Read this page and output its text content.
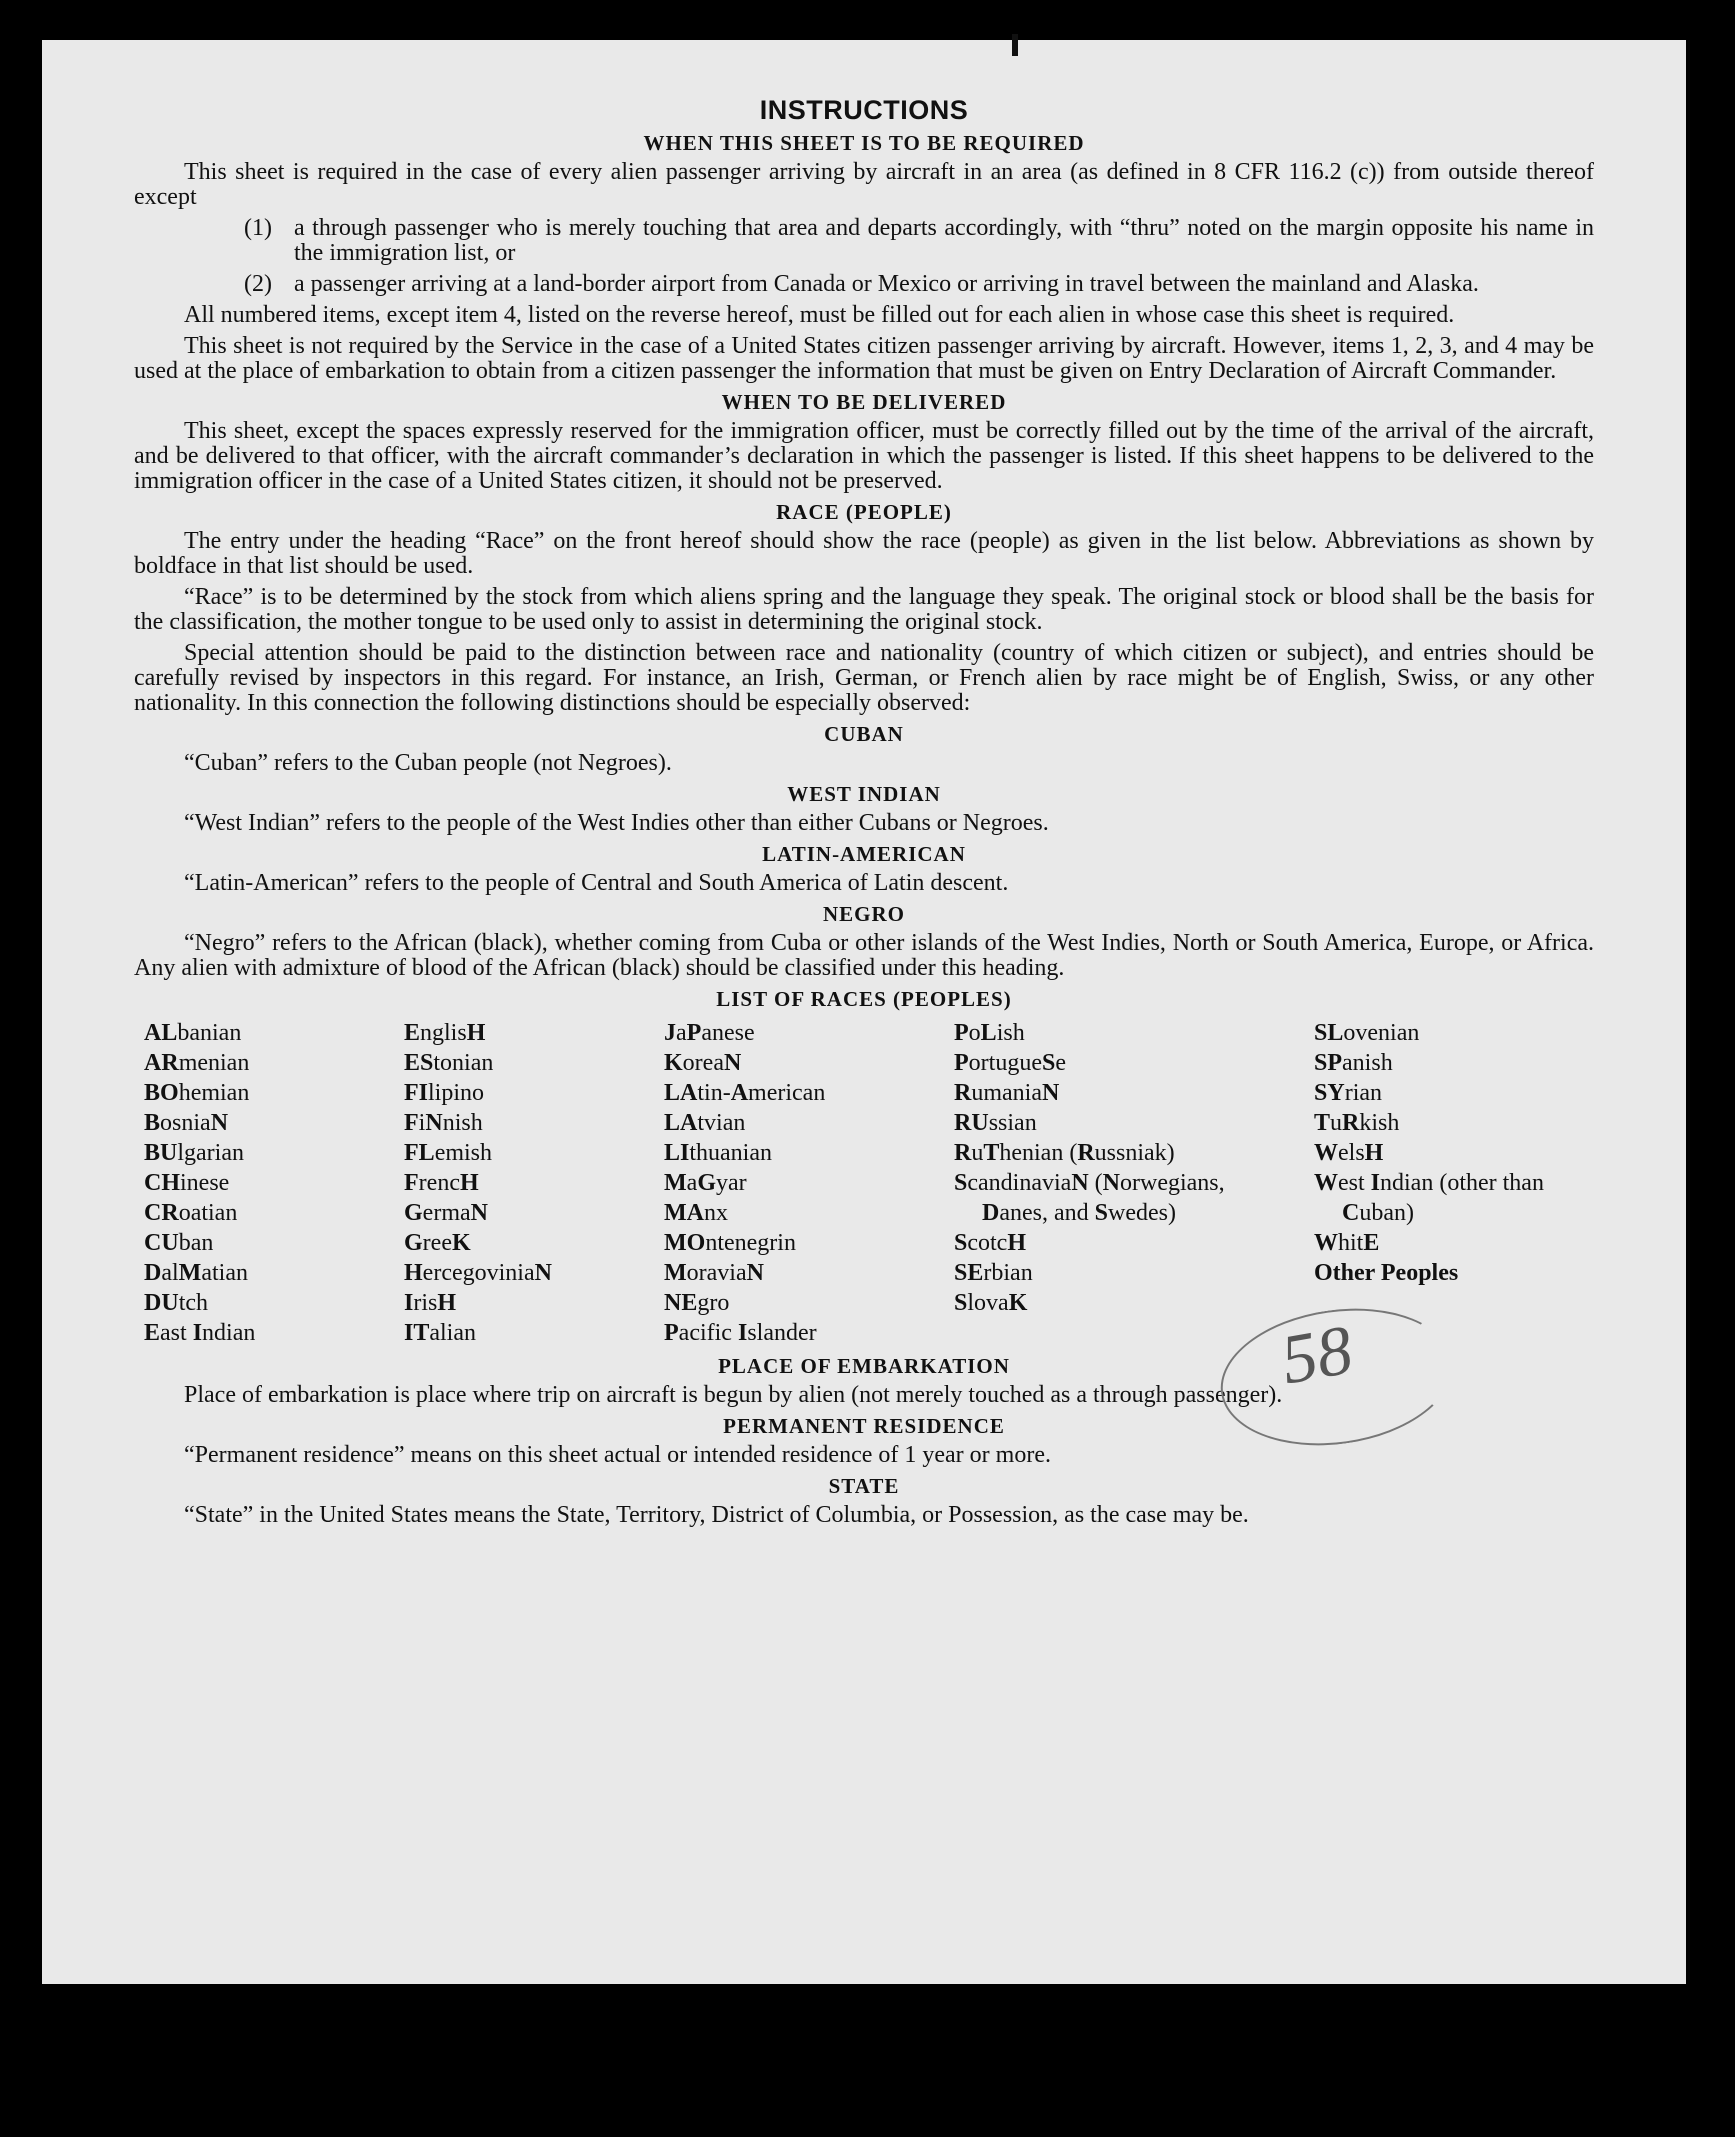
INSTRUCTIONS
WHEN THIS SHEET IS TO BE REQUIRED

This sheet is required in the case of every alien passenger arriving by aircraft in an area (as defined in 8 CFR 116.2 (c)) from outside thereof except

(1) a through passenger who is merely touching that area and departs accordingly, with “thru” noted on the margin opposite his name in the immigration list, or
(2) a passenger arriving at a land-border airport from Canada or Mexico or arriving in travel between the mainland and Alaska.

All numbered items, except item 4, listed on the reverse hereof, must be filled out for each alien in whose case this sheet is required.

This sheet is not required by the Service in the case of a United States citizen passenger arriving by aircraft. However, items 1, 2, 3, and 4 may be used at the place of embarkation to obtain from a citizen passenger the information that must be given on Entry Declaration of Aircraft Commander.

WHEN TO BE DELIVERED

This sheet, except the spaces expressly reserved for the immigration officer, must be correctly filled out by the time of the arrival of the aircraft, and be delivered to that officer, with the aircraft commander’s declaration in which the passenger is listed. If this sheet happens to be delivered to the immigration officer in the case of a United States citizen, it should not be preserved.

RACE (PEOPLE)

The entry under the heading “Race” on the front hereof should show the race (people) as given in the list below. Abbreviations as shown by boldface in that list should be used.

“Race” is to be determined by the stock from which aliens spring and the language they speak. The original stock or blood shall be the basis for the classification, the mother tongue to be used only to assist in determining the original stock.

Special attention should be paid to the distinction between race and nationality (country of which citizen or subject), and entries should be carefully revised by inspectors in this regard. For instance, an Irish, German, or French alien by race might be of English, Swiss, or any other nationality. In this connection the following distinctions should be especially observed:

CUBAN

“Cuban” refers to the Cuban people (not Negroes).

WEST INDIAN

“West Indian” refers to the people of the West Indies other than either Cubans or Negroes.

LATIN-AMERICAN

“Latin-American” refers to the people of Central and South America of Latin descent.

NEGRO

“Negro” refers to the African (black), whether coming from Cuba or other islands of the West Indies, North or South America, Europe, or Africa. Any alien with admixture of blood of the African (black) should be classified under this heading.

LIST OF RACES (PEOPLES)
ALbanian
ARmenian
BOhemian
BosniaN
BUlgarian
CHinese
CRoatian
CUban
DalMatian
DUtch
East Indian
EnglisH
EStonian
FIlipino
FiNnish
FLemish
FrencH
GermaN
GreeK
HercegoviniaN
IrisH
ITalian
JaPanese
KoreaN
LAtin-American
LAtvian
LIthuanian
MaGyar
MAnx
MOntenegrin
MoraviaN
NEgro
Pacific Islander
PoLish
PortugueSe
RumaniaN
RUssian
RuThenian (Russniak)
ScandinaviaN (Norwegians, Danes, and Swedes)
ScotcH
SErbian
SlovaK
SLovenian
SPanish
SYrian
TuRkish
WelsH
West Indian (other than Cuban)
WhitE
Other Peoples
PLACE OF EMBARKATION

Place of embarkation is place where trip on aircraft is begun by alien (not merely touched as a through passenger).

PERMANENT RESIDENCE

“Permanent residence” means on this sheet actual or intended residence of 1 year or more.

STATE

“State” in the United States means the State, Territory, District of Columbia, or Possession, as the case may be.

58
